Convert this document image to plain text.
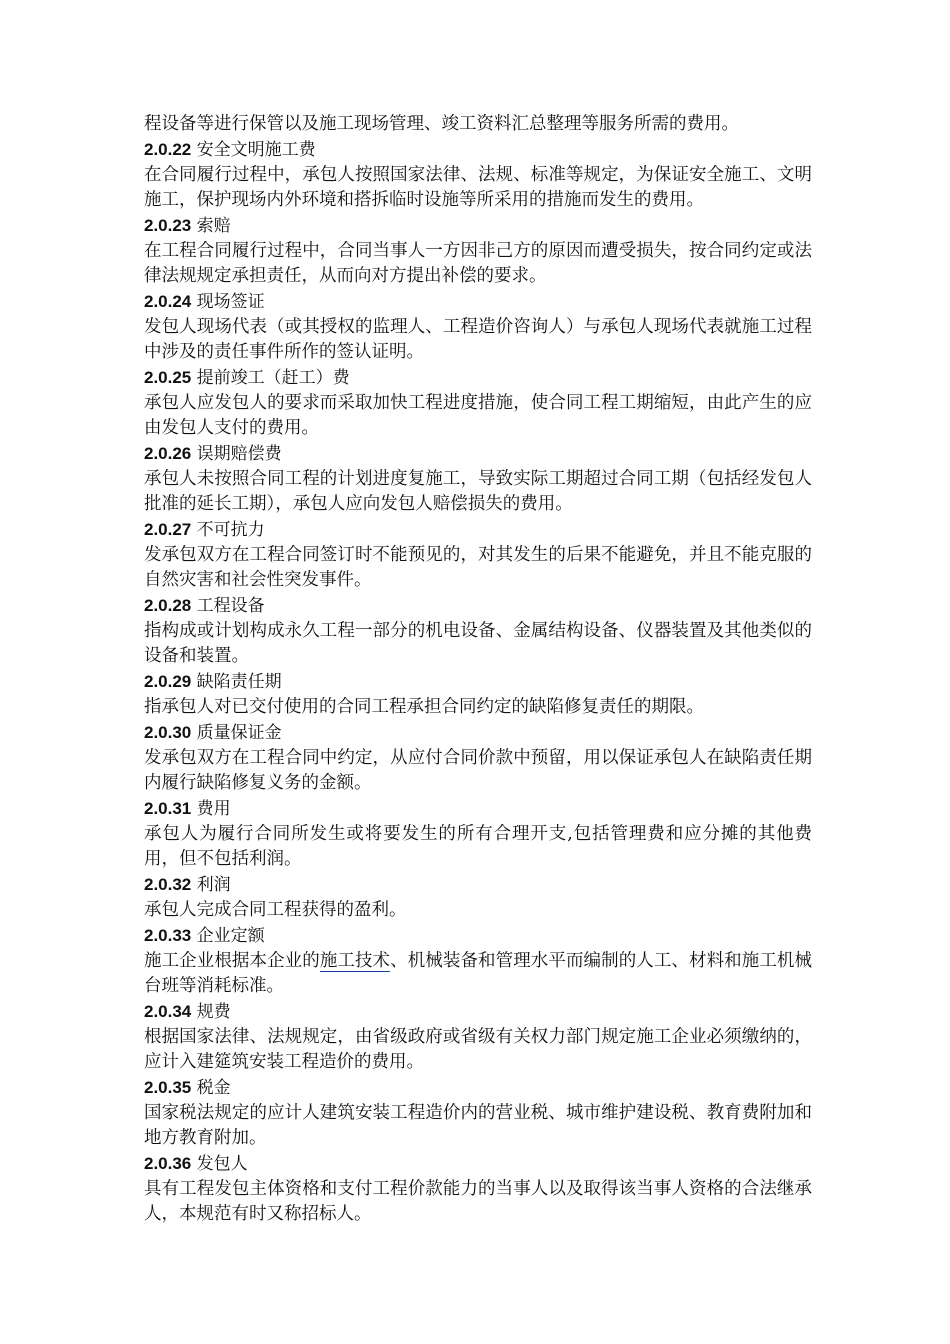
程设备等进行保管以及施工现场管理、竣工资料汇总整理等服务所需的费用。

2.0.22 安全文明施工费

在合同履行过程中，承包人按照国家法律、法规、标准等规定，为保证安全施工、文明施工，保护现场内外环境和搭拆临时设施等所采用的措施而发生的费用。

2.0.23 索赔

在工程合同履行过程中，合同当事人一方因非己方的原因而遭受损失，按合同约定或法律法规规定承担责任，从而向对方提出补偿的要求。

2.0.24 现场签证

发包人现场代表（或其授权的监理人、工程造价咨询人）与承包人现场代表就施工过程中涉及的责任事件所作的签认证明。

2.0.25 提前竣工（赶工）费

承包人应发包人的要求而采取加快工程进度措施，使合同工程工期缩短，由此产生的应由发包人支付的费用。

2.0.26 误期赔偿费

承包人未按照合同工程的计划进度复施工，导致实际工期超过合同工期（包括经发包人批准的延长工期），承包人应向发包人赔偿损失的费用。

2.0.27 不可抗力

发承包双方在工程合同签订时不能预见的，对其发生的后果不能避免，并且不能克服的自然灾害和社会性突发事件。

2.0.28 工程设备

指构成或计划构成永久工程一部分的机电设备、金属结构设备、仪器装置及其他类似的设备和装置。

2.0.29 缺陷责任期

指承包人对已交付使用的合同工程承担合同约定的缺陷修复责任的期限。

2.0.30 质量保证金

发承包双方在工程合同中约定，从应付合同价款中预留，用以保证承包人在缺陷责任期内履行缺陷修复义务的金额。

2.0.31 费用

承包人为履行合同所发生或将要发生的所有合理开支,包括管理费和应分摊的其他费用，但不包括利润。

2.0.32 利润

承包人完成合同工程获得的盈利。

2.0.33 企业定额

施工企业根据本企业的施工技术、机械装备和管理水平而编制的人工、材料和施工机械台班等消耗标准。

2.0.34 规费

根据国家法律、法规规定，由省级政府或省级有关权力部门规定施工企业必须缴纳的，应计入建筵筑安装工程造价的费用。

2.0.35 税金

国家税法规定的应计人建筑安装工程造价内的营业税、城市维护建设税、教育费附加和地方教育附加。

2.0.36 发包人

具有工程发包主体资格和支付工程价款能力的当事人以及取得该当事人资格的合法继承人，本规范有时又称招标人。
